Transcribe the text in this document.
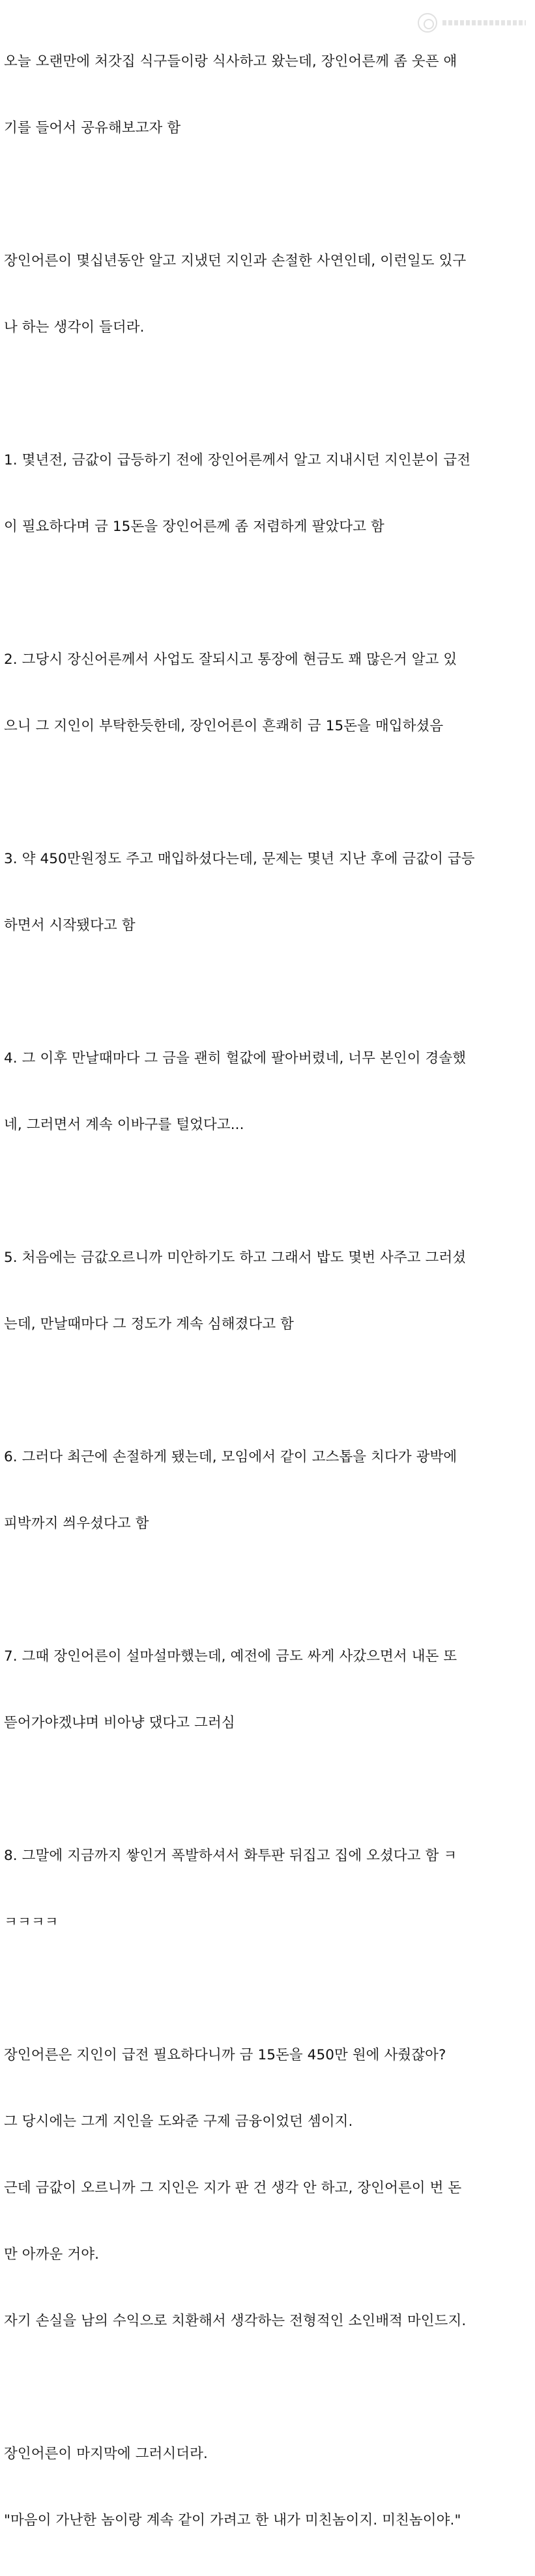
오늘 오랜만에 처갓집 식구들이랑 식사하고 왔는데, 장인어른께 좀 웃픈 얘

기를 들어서 공유해보고자 함

장인어른이 몇십년동안 알고 지냈던 지인과 손절한 사연인데, 이런일도 있구

나 하는 생각이 들더라.

1. 몇년전, 금값이 급등하기 전에 장인어른께서 알고 지내시던 지인분이 급전

이 필요하다며 금 15돈을 장인어른께 좀 저렴하게 팔았다고 함

2. 그당시 장신어른께서 사업도 잘되시고 통장에 현금도 꽤 많은거 알고 있

으니 그 지인이 부탁한듯한데, 장인어른이 흔쾌히 금 15돈을 매입하셨음

3. 약 450만원정도 주고 매입하셨다는데, 문제는 몇년 지난 후에 금값이 급등

하면서 시작됐다고 함

4. 그 이후 만날때마다 그 금을 괜히 헐값에 팔아버렸네, 너무 본인이 경솔했

네, 그러면서 계속 이바구를 털었다고...

5. 처음에는 금값오르니까 미안하기도 하고 그래서 밥도 몇번 사주고 그러셨

는데, 만날때마다 그 정도가 계속 심해졌다고 함

6. 그러다 최근에 손절하게 됐는데, 모임에서 같이 고스톱을 치다가 광박에

피박까지 씌우셨다고 함

7. 그때 장인어른이 설마설마했는데, 예전에 금도 싸게 사갔으면서 내돈 또

뜯어가야겠냐며 비아냥 댔다고 그러심

8. 그말에 지금까지 쌓인거 폭발하셔서 화투판 뒤집고 집에 오셨다고 함 ㅋ

ㅋㅋㅋㅋ

장인어른은 지인이 급전 필요하다니까 금 15돈을 450만 원에 사줬잖아?

그 당시에는 그게 지인을 도와준 구제 금융이었던 셈이지.

근데 금값이 오르니까 그 지인은 지가 판 건 생각 안 하고, 장인어른이 번 돈

만 아까운 거야.

자기 손실을 남의 수익으로 치환해서 생각하는 전형적인 소인배적 마인드지.

장인어른이 마지막에 그러시더라.

"마음이 가난한 놈이랑 계속 같이 가려고 한 내가 미친놈이지. 미친놈이야."
